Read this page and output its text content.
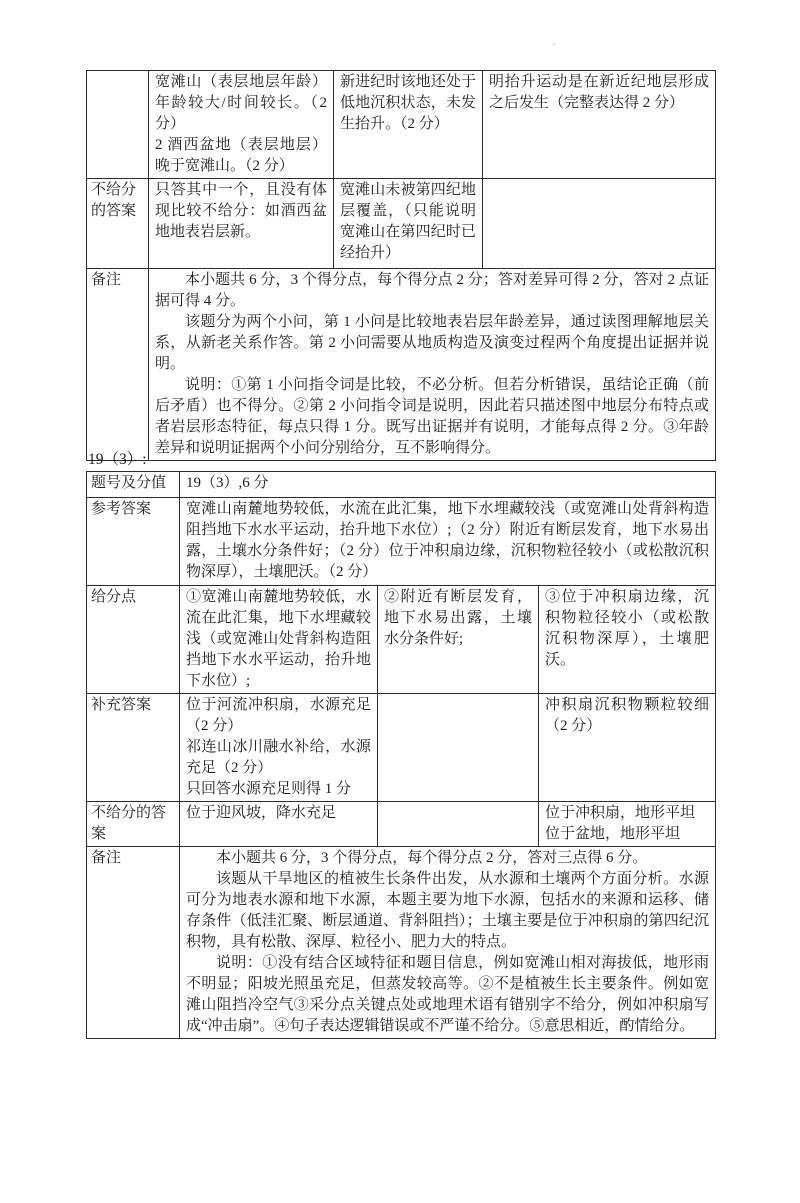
.

	宽滩山（表层地层年龄）年龄较大/时间较长。（2 分）
2 酒西盆地（表层地层）晚于宽滩山。（2 分）	新进纪时该地还处于低地沉积状态，未发生抬升。（2 分）	明抬升运动是在新近纪地层形成之后发生（完整表达得 2 分）
不给分的答案	只答其中一个，且没有体现比较不给分：如酒西盆地地表岩层新。	宽滩山未被第四纪地层覆盖，（只能说明宽滩山在第四纪时已经抬升）	
备注	本小题共 6 分，3 个得分点，每个得分点 2 分；答对差异可得 2 分，答对 2 点证据可得 4 分。
该题分为两个小问，第 1 小问是比较地表岩层年龄差异，通过读图理解地层关系，从新老关系作答。第 2 小问需要从地质构造及演变过程两个角度提出证据并说明。
说明：①第 1 小问指令词是比较，不必分析。但若分析错误，虽结论正确（前后矛盾）也不得分。②第 2 小问指令词是说明，因此若只描述图中地层分布特点或者岩层形态特征，每点只得 1 分。既写出证据并有说明，才能每点得 2 分。③年龄差异和说明证据两个小问分别给分，互不影响得分。		
19（3）:
题号及分值	19（3）,6 分		
参考答案	宽滩山南麓地势较低，水流在此汇集，地下水埋藏较浅（或宽滩山处背斜构造阻挡地下水水平运动，抬升地下水位）;（2 分）附近有断层发育，地下水易出露，土壤水分条件好；（2 分）位于冲积扇边缘，沉积物粒径较小（或松散沉积物深厚），土壤肥沃。（2 分）		
给分点	①宽滩山南麓地势较低，水流在此汇集，地下水埋藏较浅（或宽滩山处背斜构造阻挡地下水水平运动，抬升地下水位）;	②附近有断层发育，地下水易出露，土壤水分条件好;	③位于冲积扇边缘，沉积物粒径较小（或松散沉积物深厚），土壤肥沃。
补充答案	位于河流冲积扇，水源充足（2 分）
祁连山冰川融水补给，水源充足（2 分）
只回答水源充足则得 1 分		冲积扇沉积物颗粒较细（2 分）
不给分的答案	位于迎风坡，降水充足		位于冲积扇，地形平坦
位于盆地，地形平坦

备注	本小题共 6 分，3 个得分点，每个得分点 2 分，答对三点得 6 分。
该题从干旱地区的植被生长条件出发，从水源和土壤两个方面分析。水源可分为地表水源和地下水源，本题主要为地下水源，包括水的来源和运移、储存条件（低洼汇聚、断层通道、背斜阻挡）；土壤主要是位于冲积扇的第四纪沉积物，具有松散、深厚、粒径小、肥力大的特点。
说明：①没有结合区域特征和题目信息，例如宽滩山相对海拔低，地形雨不明显；阳坡光照虽充足，但蒸发较高等。②不是植被生长主要条件。例如宽滩山阻挡冷空气③采分点关键点处或地理术语有错别字不给分，例如冲积扇写成“冲击扇”。④句子表达逻辑错误或不严谨不给分。⑤意思相近，酌情给分。		
